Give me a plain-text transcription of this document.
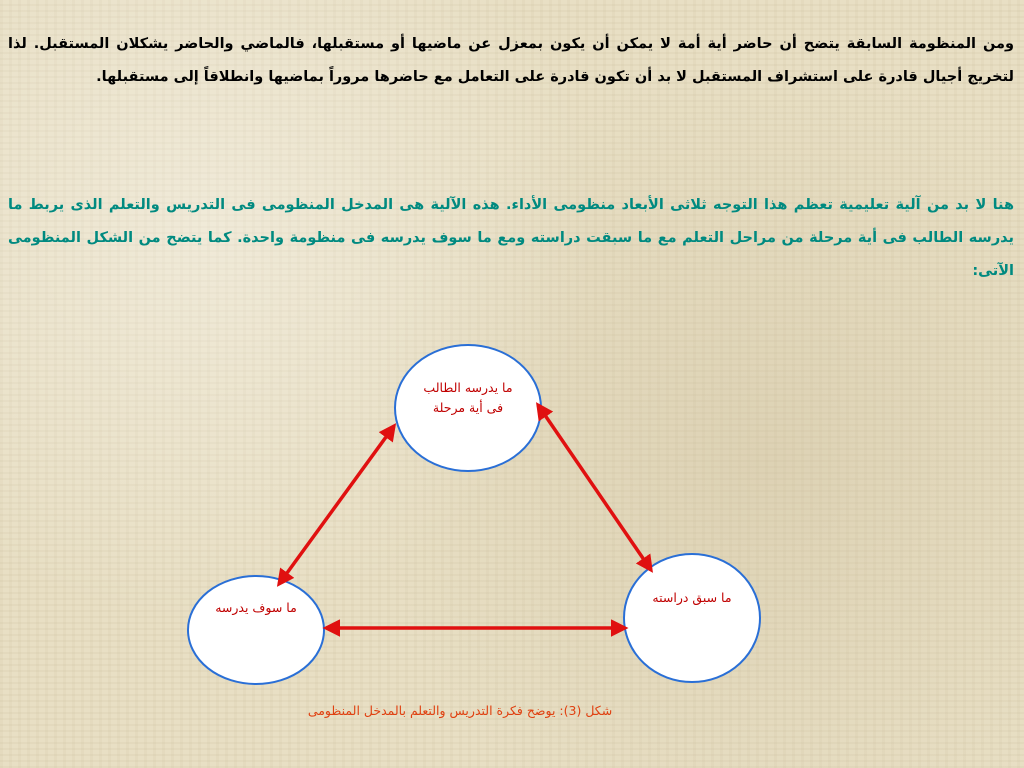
ومن المنظومة السابقة يتضح أن حاضر أية أمة لا يمكن أن يكون بمعزل عن ماضيها أو مستقبلها، فالماضي والحاضر يشكلان المستقبل. لذا لتخريج أجيال قادرة على استشراف المستقبل لا بد أن تكون قادرة على التعامل مع حاضرها مروراً بماضيها وانطلاقاً إلى مستقبلها.

هنا لا بد من آلية تعليمية تعظم هذا التوجه ثلاثى الأبعاد منظومى الأداء. هذه الآلية هى المدخل المنظومى فى التدريس والتعلم الذى يربط ما يدرسه الطالب فى أية مرحلة من مراحل التعلم مع ما سبقت دراسته ومع ما سوف يدرسه فى منظومة واحدة. كما يتضح من الشكل المنظومى الآتى:

ما يدرسه الطالب
فى أية مرحلة
ما سبق دراسته
ما سوف يدرسه
شكل (3): يوضح فكرة التدريس والتعلم بالمدخل المنظومى
